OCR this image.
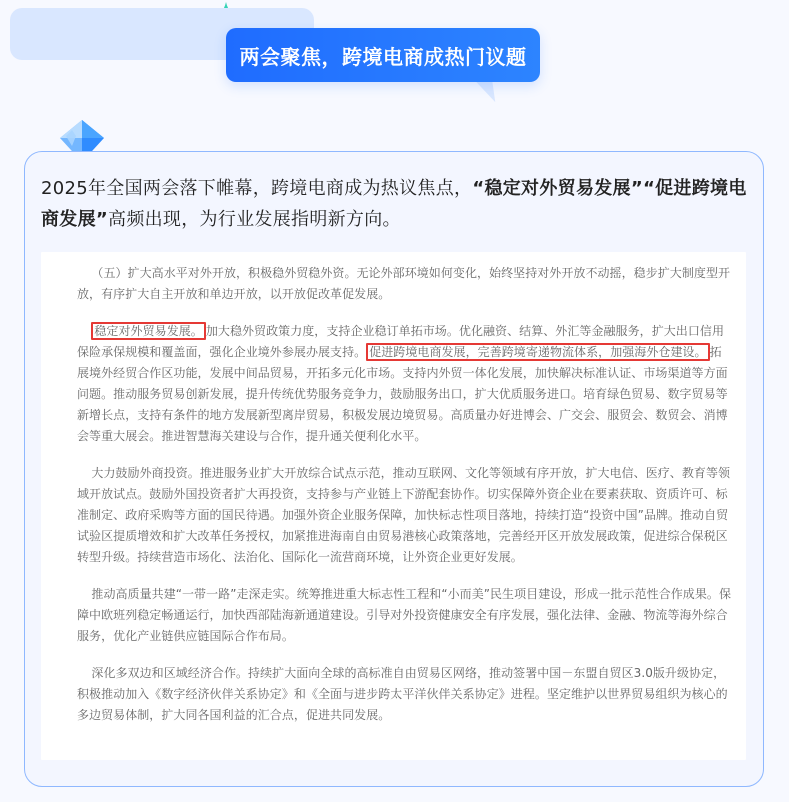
两会聚焦，跨境电商成热门议题

2025年全国两会落下帷幕，跨境电商成为热议焦点，“稳定对外贸易发展”“促进跨境电商发展”高频出现，为行业发展指明新方向。

（五）扩大高水平对外开放，积极稳外贸稳外资。无论外部环境如何变化，始终坚持对外开放不动摇，稳步扩大制度型开放，有序扩大自主开放和单边开放，以开放促改革促发展。

稳定对外贸易发展。 加大稳外贸政策力度，支持企业稳订单拓市场。优化融资、结算、外汇等金融服务，扩大出口信用保险承保规模和覆盖面，强化企业境外参展办展支持。 促进跨境电商发展，完善跨境寄递物流体系，加强海外仓建设。 拓展境外经贸合作区功能，发展中间品贸易，开拓多元化市场。支持内外贸一体化发展，加快解决标准认证、市场渠道等方面问题。推动服务贸易创新发展，提升传统优势服务竞争力，鼓励服务出口，扩大优质服务进口。培育绿色贸易、数字贸易等新增长点，支持有条件的地方发展新型离岸贸易，积极发展边境贸易。高质量办好进博会、广交会、服贸会、数贸会、消博会等重大展会。推进智慧海关建设与合作，提升通关便利化水平。

大力鼓励外商投资。推进服务业扩大开放综合试点示范，推动互联网、文化等领域有序开放，扩大电信、医疗、教育等领域开放试点。鼓励外国投资者扩大再投资，支持参与产业链上下游配套协作。切实保障外资企业在要素获取、资质许可、标准制定、政府采购等方面的国民待遇。加强外资企业服务保障，加快标志性项目落地，持续打造“投资中国”品牌。推动自贸试验区提质增效和扩大改革任务授权，加紧推进海南自由贸易港核心政策落地，完善经开区开放发展政策，促进综合保税区转型升级。持续营造市场化、法治化、国际化一流营商环境，让外资企业更好发展。

推动高质量共建“一带一路”走深走实。统筹推进重大标志性工程和“小而美”民生项目建设，形成一批示范性合作成果。保障中欧班列稳定畅通运行，加快西部陆海新通道建设。引导对外投资健康安全有序发展，强化法律、金融、物流等海外综合服务，优化产业链供应链国际合作布局。

深化多双边和区域经济合作。持续扩大面向全球的高标准自由贸易区网络，推动签署中国－东盟自贸区3.0版升级协定，积极推动加入《数字经济伙伴关系协定》和《全面与进步跨太平洋伙伴关系协定》进程。坚定维护以世界贸易组织为核心的多边贸易体制，扩大同各国利益的汇合点，促进共同发展。
